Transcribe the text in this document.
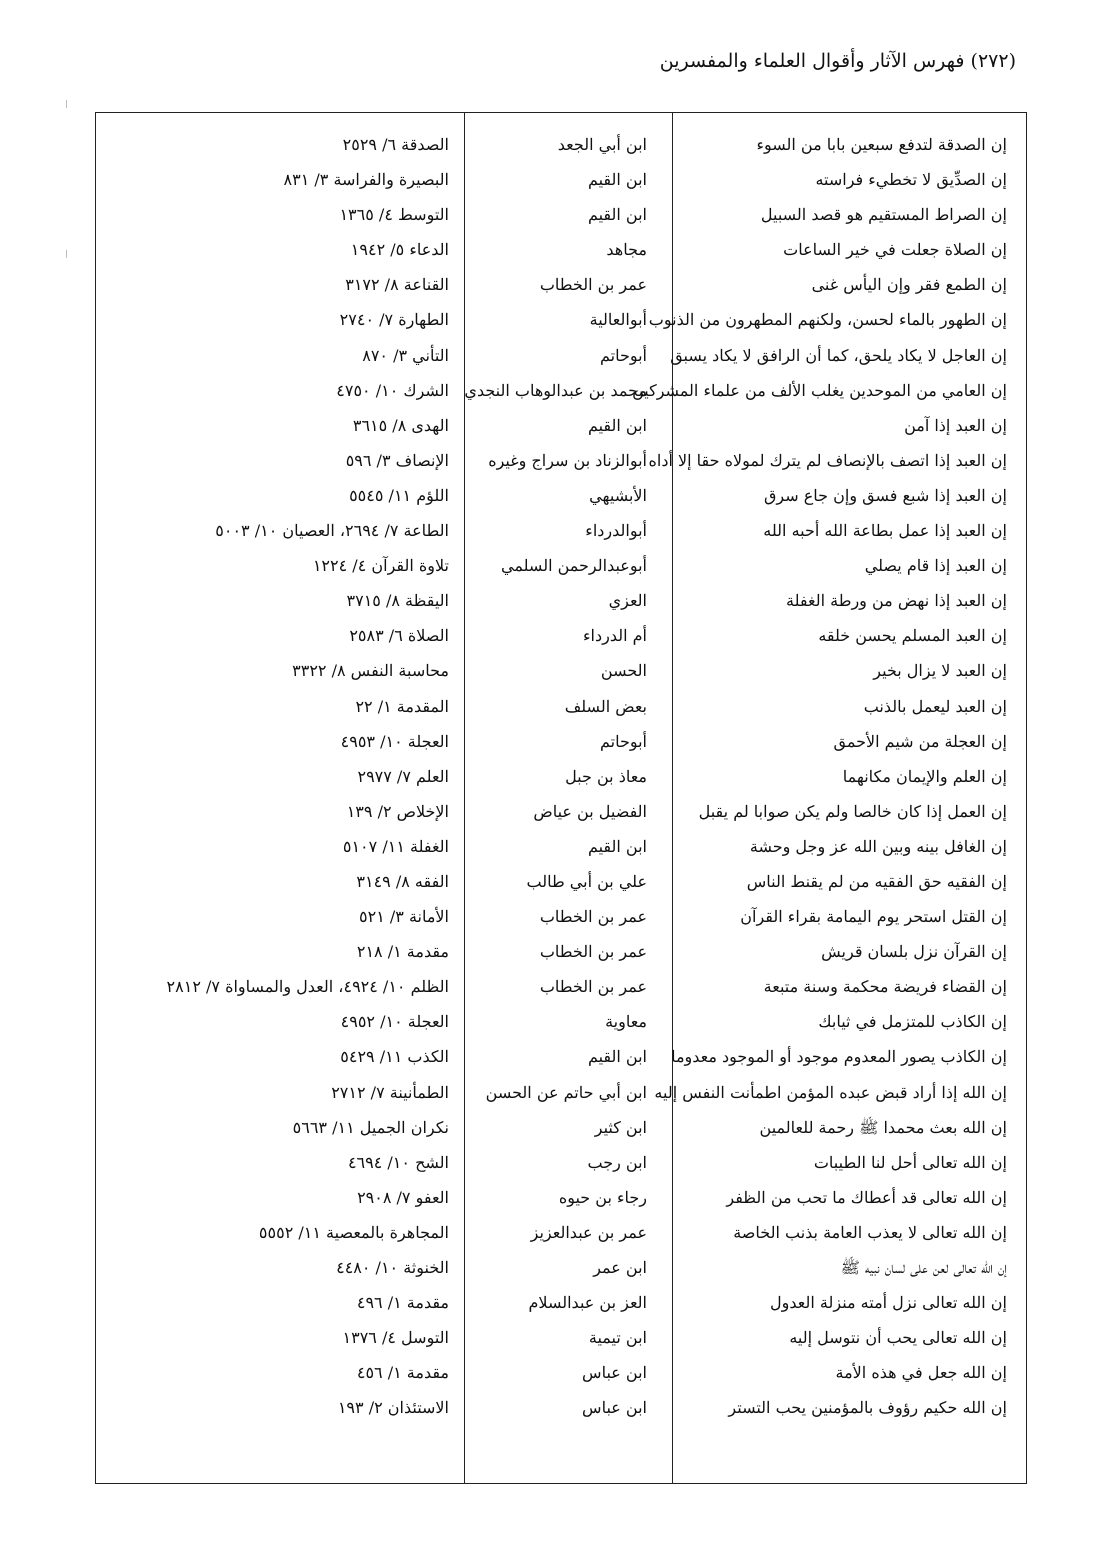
(٢٧٢) فهرس الآثار وأقوال العلماء والمفسرين
إن الصدقة لتدفع سبعين بابا من السوء
ابن أبي الجعد
الصدقة ٦/ ٢٥٢٩
إن الصدِّيق لا تخطيء فراسته
ابن القيم
البصيرة والفراسة ٣/ ٨٣١
إن الصراط المستقيم هو قصد السبيل
ابن القيم
التوسط ٤/ ١٣٦٥
إن الصلاة جعلت في خير الساعات
مجاهد
الدعاء ٥/ ١٩٤٢
إن الطمع فقر وإن اليأس غنى
عمر بن الخطاب
القناعة ٨/ ٣١٧٢
إن الطهور بالماء لحسن، ولكنهم المطهرون من الذنوب
أبوالعالية
الطهارة ٧/ ٢٧٤٠
إن العاجل لا يكاد يلحق، كما أن الرافق لا يكاد يسبق
أبوحاتم
التأني ٣/ ٨٧٠
إن العامي من الموحدين يغلب الألف من علماء المشركين
محمد بن عبدالوهاب النجدي
الشرك ١٠/ ٤٧٥٠
إن العبد إذا آمن
ابن القيم
الهدى ٨/ ٣٦١٥
إن العبد إذا اتصف بالإنصاف لم يترك لمولاه حقا إلا أداه
أبوالزناد بن سراج وغيره
الإنصاف ٣/ ٥٩٦
إن العبد إذا شبع فسق وإن جاع سرق
الأبشيهي
اللؤم ١١/ ٥٥٤٥
إن العبد إذا عمل بطاعة الله أحبه الله
أبوالدرداء
الطاعة ٧/ ٢٦٩٤، العصيان ١٠/ ٥٠٠٣
إن العبد إذا قام يصلي
أبوعبدالرحمن السلمي
تلاوة القرآن ٤/ ١٢٢٤
إن العبد إذا نهض من ورطة الغفلة
العزي
اليقظة ٨/ ٣٧١٥
إن العبد المسلم يحسن خلقه
أم الدرداء
الصلاة ٦/ ٢٥٨٣
إن العبد لا يزال بخير
الحسن
محاسبة النفس ٨/ ٣٣٢٢
إن العبد ليعمل بالذنب
بعض السلف
المقدمة ١/ ٢٢
إن العجلة من شيم الأحمق
أبوحاتم
العجلة ١٠/ ٤٩٥٣
إن العلم والإيمان مكانهما
معاذ بن جبل
العلم ٧/ ٢٩٧٧
إن العمل إذا كان خالصا ولم يكن صوابا لم يقبل
الفضيل بن عياض
الإخلاص ٢/ ١٣٩
إن الغافل بينه وبين الله عز وجل وحشة
ابن القيم
الغفلة ١١/ ٥١٠٧
إن الفقيه حق الفقيه من لم يقنط الناس
علي بن أبي طالب
الفقه ٨/ ٣١٤٩
إن القتل استحر يوم اليمامة بقراء القرآن
عمر بن الخطاب
الأمانة ٣/ ٥٢١
إن القرآن نزل بلسان قريش
عمر بن الخطاب
مقدمة ١/ ٢١٨
إن القضاء فريضة محكمة وسنة متبعة
عمر بن الخطاب
الظلم ١٠/ ٤٩٢٤، العدل والمساواة ٧/ ٢٨١٢
إن الكاذب للمتزمل في ثيابك
معاوية
العجلة ١٠/ ٤٩٥٢
إن الكاذب يصور المعدوم موجود أو الموجود معدوما
ابن القيم
الكذب ١١/ ٥٤٢٩
إن الله إذا أراد قبض عبده المؤمن اطمأنت النفس إليه
ابن أبي حاتم عن الحسن
الطمأنينة ٧/ ٢٧١٢
إن الله بعث محمدا ﷺ رحمة للعالمين
ابن كثير
نكران الجميل ١١/ ٥٦٦٣
إن الله تعالى أحل لنا الطيبات
ابن رجب
الشح ١٠/ ٤٦٩٤
إن الله تعالى قد أعطاك ما تحب من الظفر
رجاء بن حيوه
العفو ٧/ ٢٩٠٨
إن الله تعالى لا يعذب العامة بذنب الخاصة
عمر بن عبدالعزيز
المجاهرة بالمعصية ١١/ ٥٥٥٢
إن الله تعالى لعن على لسان نبيه ﷺ
ابن عمر
الخنوثة ١٠/ ٤٤٨٠
إن الله تعالى نزل أمته منزلة العدول
العز بن عبدالسلام
مقدمة ١/ ٤٩٦
إن الله تعالى يحب أن نتوسل إليه
ابن تيمية
التوسل ٤/ ١٣٧٦
إن الله جعل في هذه الأمة
ابن عباس
مقدمة ١/ ٤٥٦
إن الله حكيم رؤوف بالمؤمنين يحب التستر
ابن عباس
الاستئذان ٢/ ١٩٣
